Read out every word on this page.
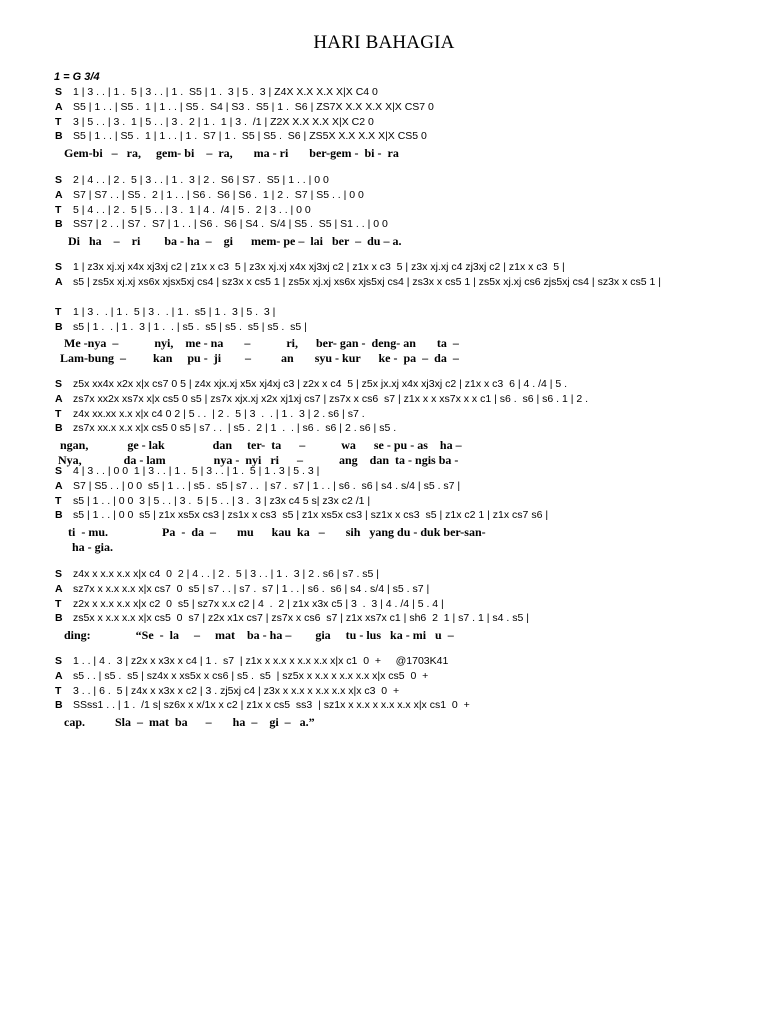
HARI BAHAGIA
1 = G 3/4
S 1 | 3 . . | 1 .  5 | 3 . . | 1 .  S5 | 1 .  3 | 5 .  3 | Z4X X.X X.X X|X C4 0
A S5 | 1 . . | S5 .  1 | 1 . . | S5 .  S4 | S3 .  S5 | 1 .  S6 | ZS7X X.X X.X X|X CS7 0
T 3 | 5 . . | 3 .  1 | 5 . . | 3 .  2 | 1 .  1 | 3 .  /1 | Z2X X.X X.X X|X C2 0
B S5 | 1 . . | S5 .  1 | 1 . . | 1 .  S7 | 1 .  S5 | S5 .  S6 | ZS5X X.X X.X X|X CS5 0
Gem-bi   –   ra,     gem- bi    –  ra,       ma - ri       ber-gem -  bi -  ra
S 2 | 4 . . | 2 .  5 | 3 . . | 1 .  3 | 2 .  S6 | S7 .  S5 | 1 . . | 0 0
A S7 | S7 . . | S5 .  2 | 1 . . | S6 .  S6 | S6 .  1 | 2 .  S7 | S5 . . | 0 0
T 5 | 4 . . | 2 .  5 | 5 . . | 3 .  1 | 4 .  /4 | 5 .  2 | 3 . . | 0 0
B SS7 | 2 . . | S7 .  S7 | 1 . . | S6 .  S6 | S4 .  S/4 | S5 .  S5 | S1 . . | 0 0
Di   ha    –    ri        ba - ha  –    gi      mem- pe –  lai   ber  –  du – a.
S 1 | z3x xj.xj x4x xj3xj c2 | z1x x c3  5 | z3x xj.xj x4x xj3xj c2 | z1x x c3  5 | z3x xj.xj c4 zj3xj c2 | z1x x c3  5 |
A s5 | zs5x xj.xj xs6x xjsx5xj cs4 | sz3x x cs5 1 | zs5x xj.xj xs6x xjs5xj cs4 | zs3x x cs5 1 | zs5x xj.xj cs6 zjs5xj cs4 | sz3x x cs5 1 |
T 1 | 3 .  . | 1 .  5 | 3 .  . | 1 .  s5 | 1 .  3 | 5 .  3 |
B s5 | 1 .  . | 1 .  3 | 1 .  . | s5 .  s5 | s5 .  s5 | s5 .  s5 |
Me -nya  –            nyi,    me - na       –            ri,      ber- gan -  deng- an       ta  –
Lam-bung  –         kan     pu -  ji        –          an       syu - kur      ke -  pa  –  da  –
S z5x xx4x x2x x|x cs7 0 5 | z4x xjx.xj x5x xj4xj c3 | z2x x c4  5 | z5x jx.xj x4x xj3xj c2 | z1x x c3  6 | 4 . /4 | 5 .
A zs7x xx2x xs7x x|x cs5 0 s5 | zs7x xjx.xj x2x xj1xj cs7 | zs7x x cs6  s7 | z1x x x xs7x x x c1 | s6 .  s6 | s6 . 1 | 2 .
T z4x xx.xx x.x x|x c4 0 2 | 5 . .  | 2 .  5 | 3  .  . | 1 .  3 | 2 . s6 | s7 .
B zs7x xx.x x.x x|x cs5 0 s5 | s7 . .  | s5 .  2 | 1  .  . | s6 .  s6 | 2 . s6 | s5 .
ngan,             ge - lak                dan     ter-  ta      –            wa      se - pu - as    ha –
Nya,              da - lam                nya -  nyi   ri      –            ang    dan  ta - ngis ba -
S 4 | 3 . . | 0 0  1 | 3 . . | 1 .  5 | 3 . . | 1 .  5 | 1 . 3 | 5 . 3 |
A S7 | S5 . . | 0 0  s5 | 1 . . | s5 .  s5 | s7 . .  | s7 .  s7 | 1 . . | s6 .  s6 | s4 . s/4 | s5 . s7 |
T s5 | 1 . . | 0 0  3 | 5 . . | 3 .  5 | 5 . . | 3 .  3 | z3x c4 5 s| z3x c2 /1 |
B s5 | 1 . . | 0 0  s5 | z1x xs5x cs3 | zs1x x cs3  s5 | z1x xs5x cs3 | sz1x x cs3  s5 | z1x c2 1 | z1x cs7 s6 |
ti  - mu.                  Pa  -  da  –       mu      kau  ka   –       sih   yang du - duk ber-san-
ha - gia.
S z4x x x.x x.x x|x c4  0  2 | 4 . . | 2 .  5 | 3 . . | 1 .  3 | 2 . s6 | s7 . s5 |
A sz7x x x.x x.x x|x cs7  0  s5 | s7 . . | s7 .  s7 | 1 . . | s6 .  s6 | s4 . s/4 | s5 . s7 |
T z2x x x.x x.x x|x c2  0  s5 | sz7x x.x c2 | 4  .  2 | z1x x3x c5 | 3  .  3 | 4 . /4 | 5 . 4 |
B zs5x x x.x x.x x|x cs5  0  s7 | z2x x1x cs7 | zs7x x cs6  s7 | z1x xs7x c1 | sh6  2  1 | s7 . 1 | s4 . s5 |
ding:               “Se  -  la     –     mat    ba - ha –        gia     tu - lus   ka - mi   u  –
S 1 . . | 4 .  3 | z2x x x3x x c4 | 1 .  s7  | z1x x x.x x x.x x.x x|x c1  0  +     @1703K41
A s5 . . | s5 .  s5 | sz4x x xs5x x cs6 | s5 .  s5  | sz5x x x.x x x.x x.x x|x cs5  0  +
T 3 . . | 6 .  5 | z4x x x3x x c2 | 3 . zj5xj c4 | z3x x x.x x x.x x.x x|x c3  0  +
B SSss1 . . | 1 .  /1 s| sz6x x x/1x x c2 | z1x x cs5  ss3  | sz1x x x.x x x.x x.x x|x cs1  0  +
cap.          Sla  –  mat  ba      –       ha  –    gi  –   a.”
